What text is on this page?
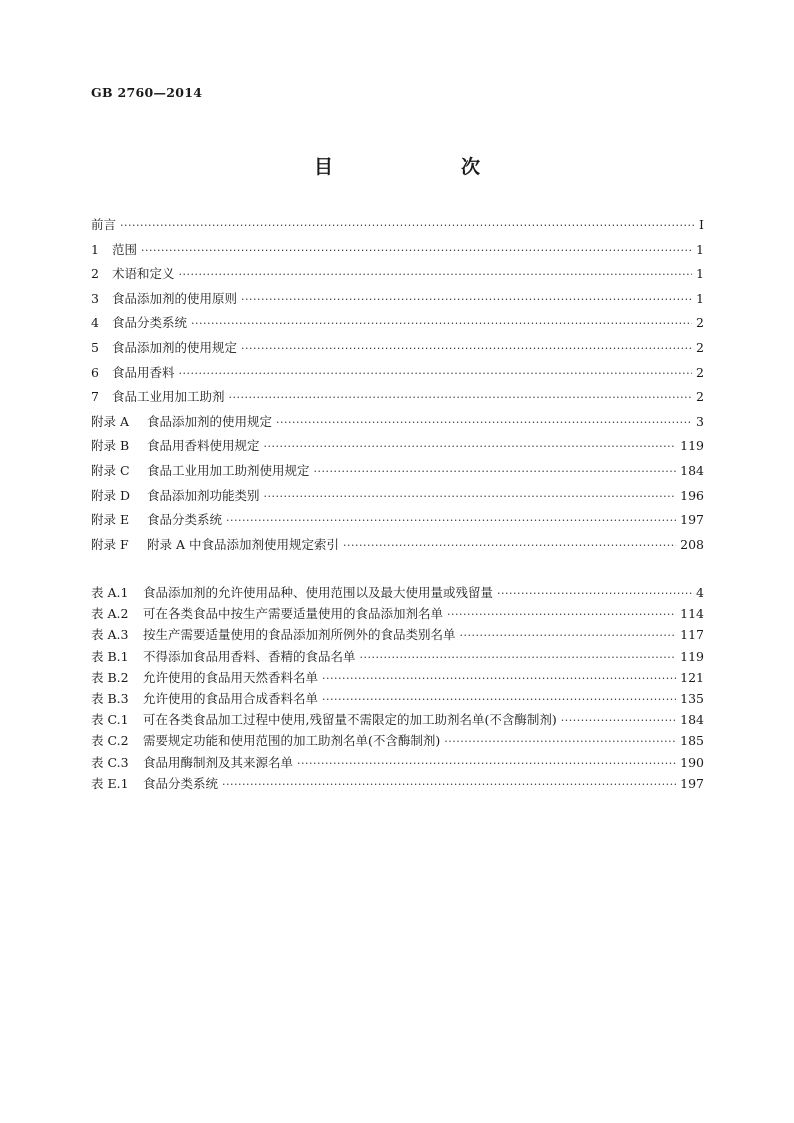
GB 2760—2014
目　　次
前言 ·····	Ⅰ
1	范围 ·····	1
2	术语和定义 ·····	1
3	食品添加剂的使用原则 ·····	1
4	食品分类系统 ·····	2
5	食品添加剂的使用规定 ·····	2
6	食品用香料 ·····	2
7	食品工业用加工助剂 ·····	2
附录 A	食品添加剂的使用规定 ·····	3
附录 B	食品用香料使用规定 ·····	119
附录 C	食品工业用加工助剂使用规定 ·····	184
附录 D	食品添加剂功能类别 ·····	196
附录 E	食品分类系统 ·····	197
附录 F	附录 A 中食品添加剂使用规定索引 ·····	208
表 A.1	食品添加剂的允许使用品种、使用范围以及最大使用量或残留量 ·····	4
表 A.2	可在各类食品中按生产需要适量使用的食品添加剂名单 ·····	114
表 A.3	按生产需要适量使用的食品添加剂所例外的食品类别名单 ·····	117
表 B.1	不得添加食品用香料、香精的食品名单 ·····	119
表 B.2	允许使用的食品用天然香料名单 ·····	121
表 B.3	允许使用的食品用合成香料名单 ·····	135
表 C.1	可在各类食品加工过程中使用,残留量不需限定的加工助剂名单(不含酶制剂) ·····	184
表 C.2	需要规定功能和使用范围的加工助剂名单(不含酶制剂) ·····	185
表 C.3	食品用酶制剂及其来源名单 ·····	190
表 E.1	食品分类系统 ·····	197
